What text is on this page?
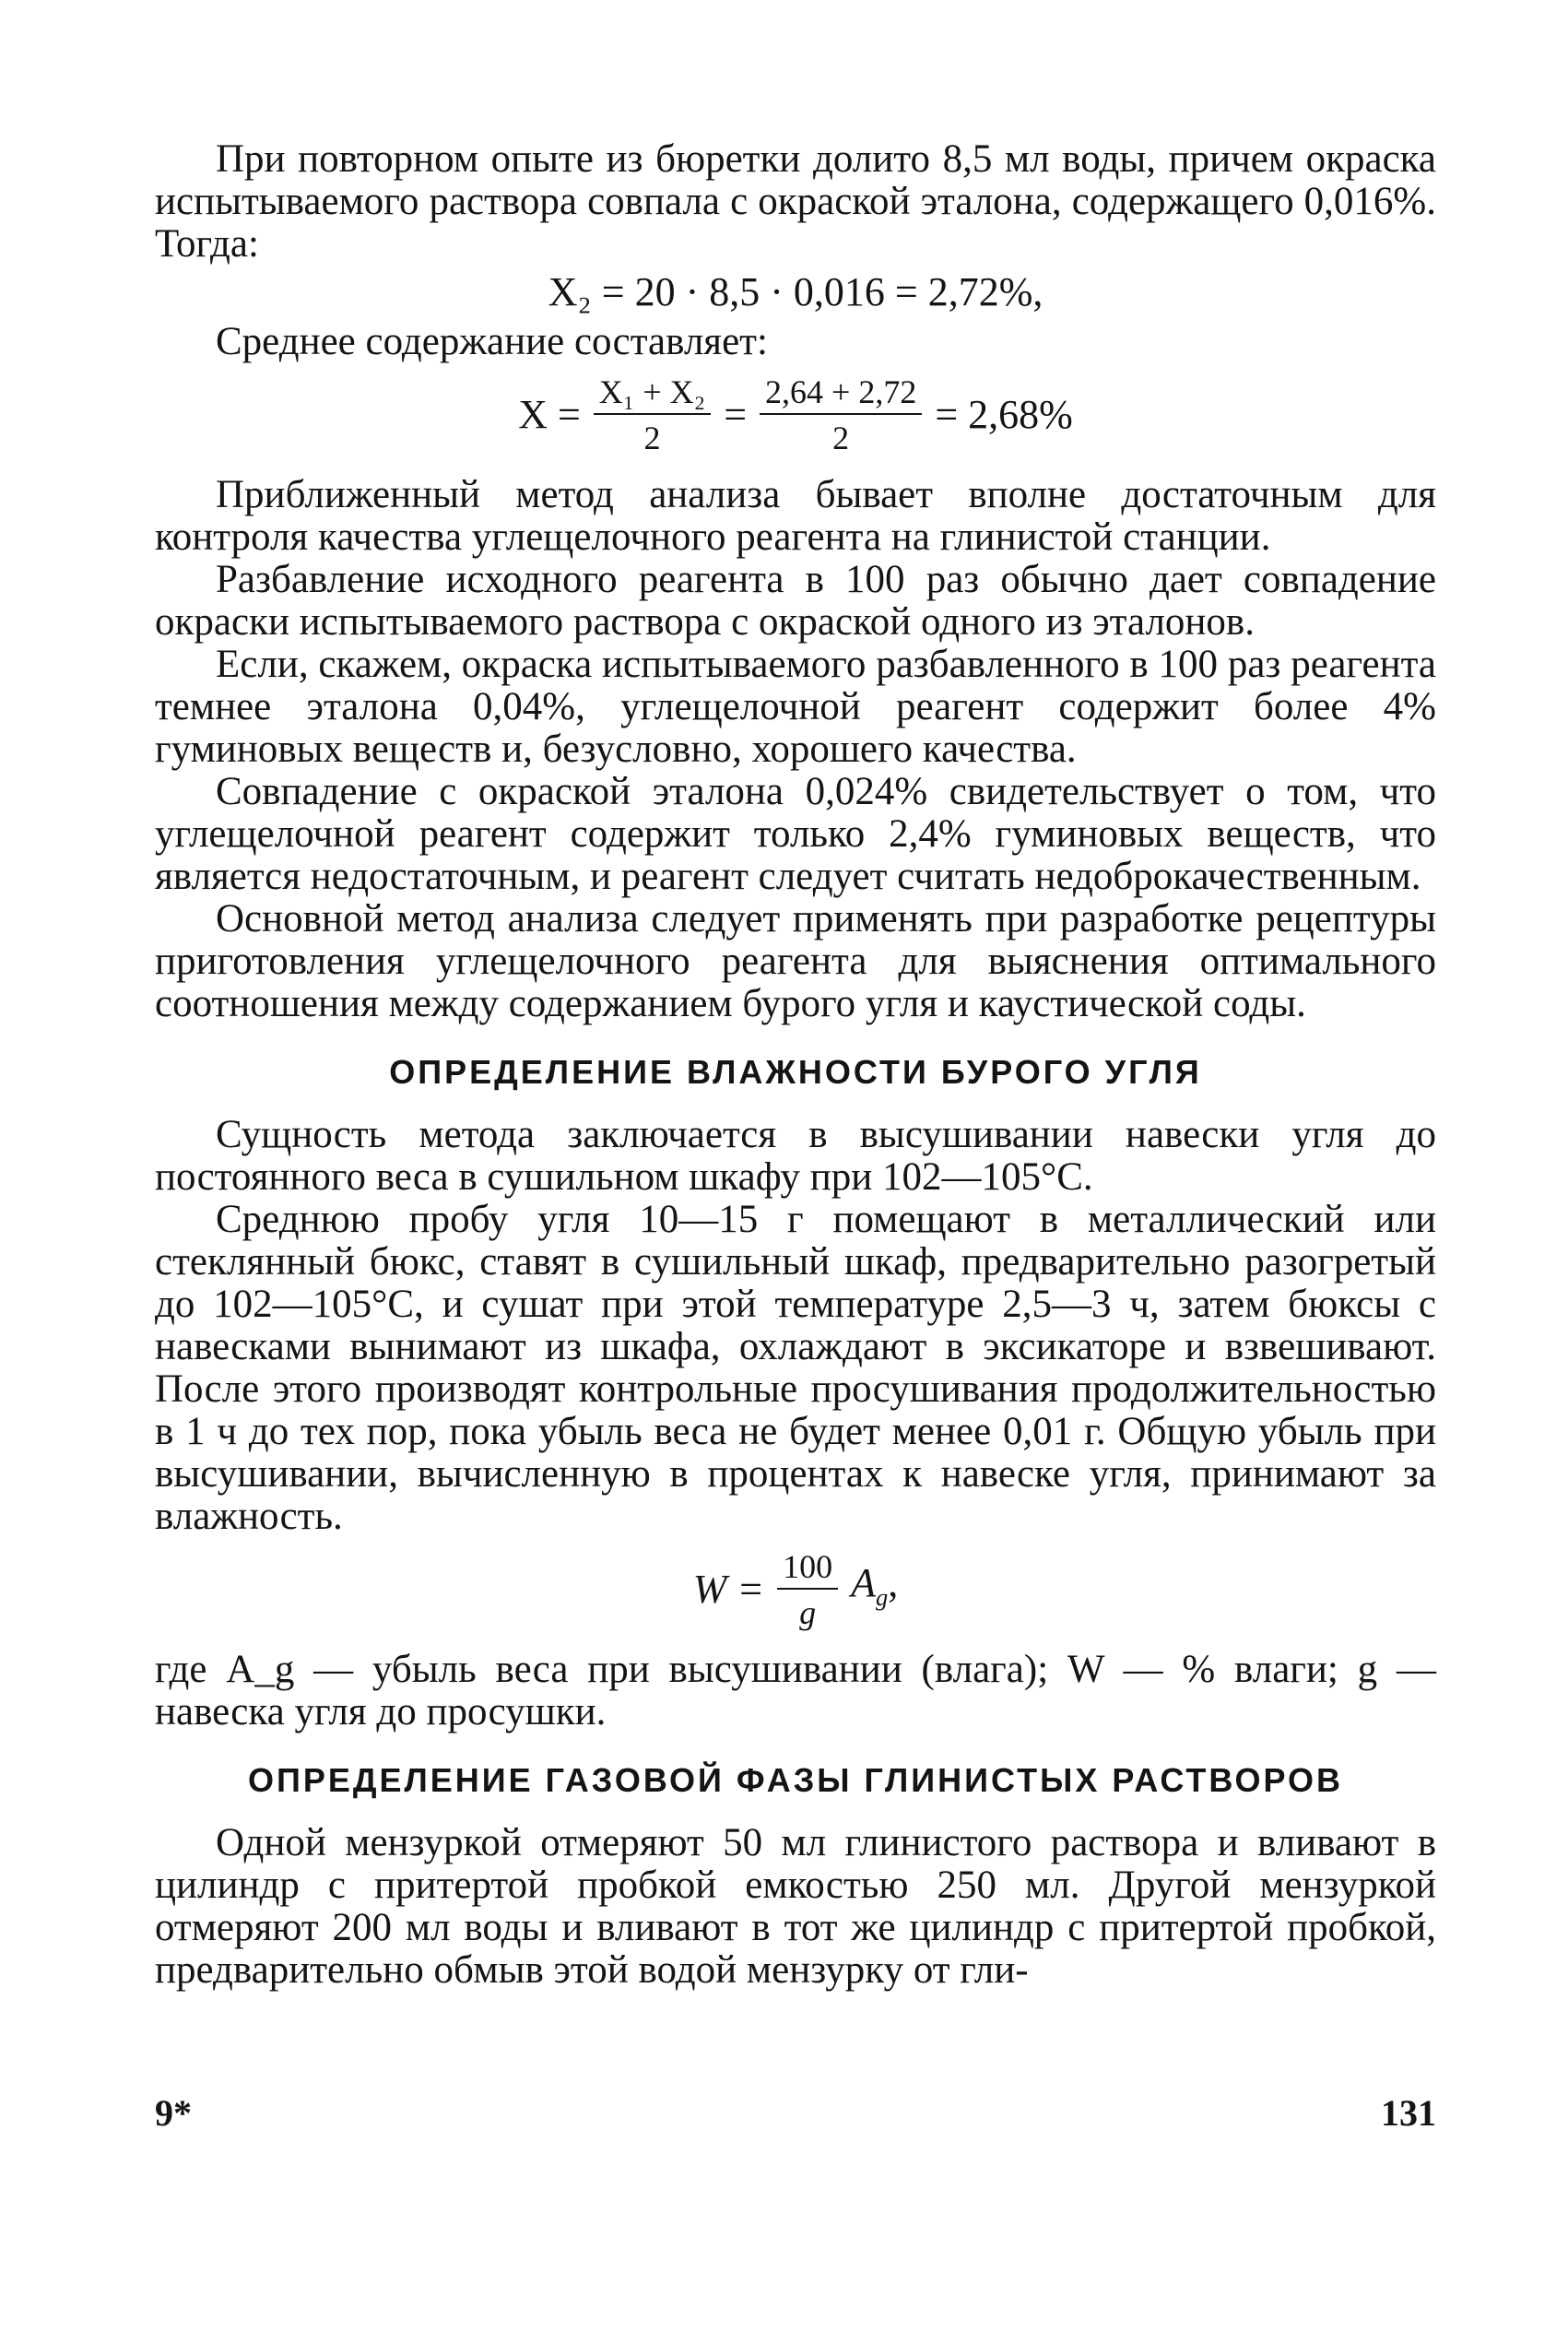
При повторном опыте из бюретки долито 8,5 мл воды, причем окраска испытываемого раствора совпала с окраской эталона, содержащего 0,016%. Тогда:

X₂ = 20 · 8,5 · 0,016 = 2,72%,

Среднее содержание составляет:

$X = \frac{\text{X₁ + X₂}}{2} = \frac{2,64 + 2,72}{2} = 2,68\%$

Приближенный метод анализа бывает вполне достаточным для контроля качества углещелочного реагента на глинистой станции.

Разбавление исходного реагента в 100 раз обычно дает совпадение окраски испытываемого раствора с окраской одного из эталонов.

Если, скажем, окраска испытываемого разбавленного в 100 раз реагента темнее эталона 0,04%, углещелочной реагент содержит более 4% гуминовых веществ и, безусловно, хорошего качества.

Совпадение с окраской эталона 0,024% свидетельствует о том, что углещелочной реагент содержит только 2,4% гуминовых веществ, что является недостаточным, и реагент следует считать недоброкачественным.

Основной метод анализа следует применять при разработке рецептуры приготовления углещелочного реагента для выяснения оптимального соотношения между содержанием бурого угля и каустической соды.

ОПРЕДЕЛЕНИЕ ВЛАЖНОСТИ БУРОГО УГЛЯ

Сущность метода заключается в высушивании навески угля до постоянного веса в сушильном шкафу при 102—105°С.

Среднюю пробу угля 10—15 г помещают в металлический или стеклянный бюкс, ставят в сушильный шкаф, предварительно разогретый до 102—105°С, и сушат при этой температуре 2,5—3 ч, затем бюксы с навесками вынимают из шкафа, охлаждают в эксикаторе и взвешивают. После этого производят контрольные просушивания продолжительностью в 1 ч до тех пор, пока убыль веса не будет менее 0,01 г. Общую убыль при высушивании, вычисленную в процентах к навеске угля, принимают за влажность.

$W = \frac{100}{g} A_g$,

где A_g — убыль веса при высушивании (влага); W — % влаги; g — навеска угля до просушки.

ОПРЕДЕЛЕНИЕ ГАЗОВОЙ ФАЗЫ ГЛИНИСТЫХ РАСТВОРОВ

Одной мензуркой отмеряют 50 мл глинистого раствора и вливают в цилиндр с притертой пробкой емкостью 250 мл. Другой мензуркой отмеряют 200 мл воды и вливают в тот же цилиндр с притертой пробкой, предварительно обмыв этой водой мензурку от гли-

9*	131
